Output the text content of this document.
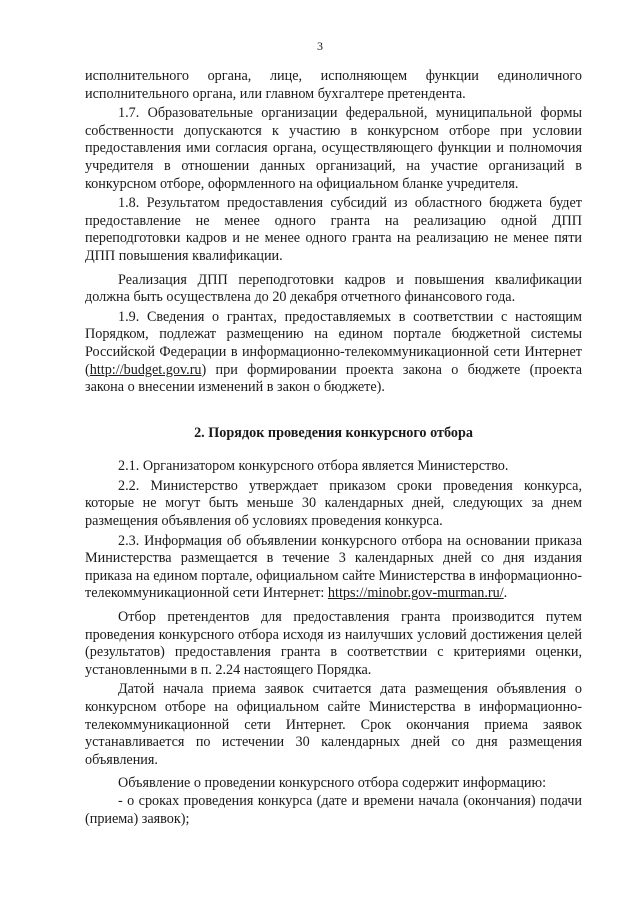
3

исполнительного органа, лице, исполняющем функции единоличного исполнительного органа, или главном бухгалтере претендента.

1.7. Образовательные организации федеральной, муниципальной формы собственности допускаются к участию в конкурсном отборе при условии предоставления ими согласия органа, осуществляющего функции и полномочия учредителя в отношении данных организаций, на участие организаций в конкурсном отборе, оформленного на официальном бланке учредителя.

1.8. Результатом предоставления субсидий из областного бюджета будет предоставление не менее одного гранта на реализацию одной ДПП переподготовки кадров и не менее одного гранта на реализацию не менее пяти ДПП повышения квалификации.

Реализация ДПП переподготовки кадров и повышения квалификации должна быть осуществлена до 20 декабря отчетного финансового года.

1.9. Сведения о грантах, предоставляемых в соответствии с настоящим Порядком, подлежат размещению на едином портале бюджетной системы Российской Федерации в информационно-телекоммуникационной сети Интернет (http://budget.gov.ru) при формировании проекта закона о бюджете (проекта закона о внесении изменений в закон о бюджете).

2. Порядок проведения конкурсного отбора

2.1. Организатором конкурсного отбора является Министерство.

2.2. Министерство утверждает приказом сроки проведения конкурса, которые не могут быть меньше 30 календарных дней, следующих за днем размещения объявления об условиях проведения конкурса.

2.3. Информация об объявлении конкурсного отбора на основании приказа Министерства размещается в течение 3 календарных дней со дня издания приказа на едином портале, официальном сайте Министерства в информационно-телекоммуникационной сети Интернет: https://minobr.gov-murman.ru/.

Отбор претендентов для предоставления гранта производится путем проведения конкурсного отбора исходя из наилучших условий достижения целей (результатов) предоставления гранта в соответствии с критериями оценки, установленными в п. 2.24 настоящего Порядка.

Датой начала приема заявок считается дата размещения объявления о конкурсном отборе на официальном сайте Министерства в информационно-телекоммуникационной сети Интернет. Срок окончания приема заявок устанавливается по истечении 30 календарных дней со дня размещения объявления.

Объявление о проведении конкурсного отбора содержит информацию:

- о сроках проведения конкурса (дате и времени начала (окончания) подачи (приема) заявок);
